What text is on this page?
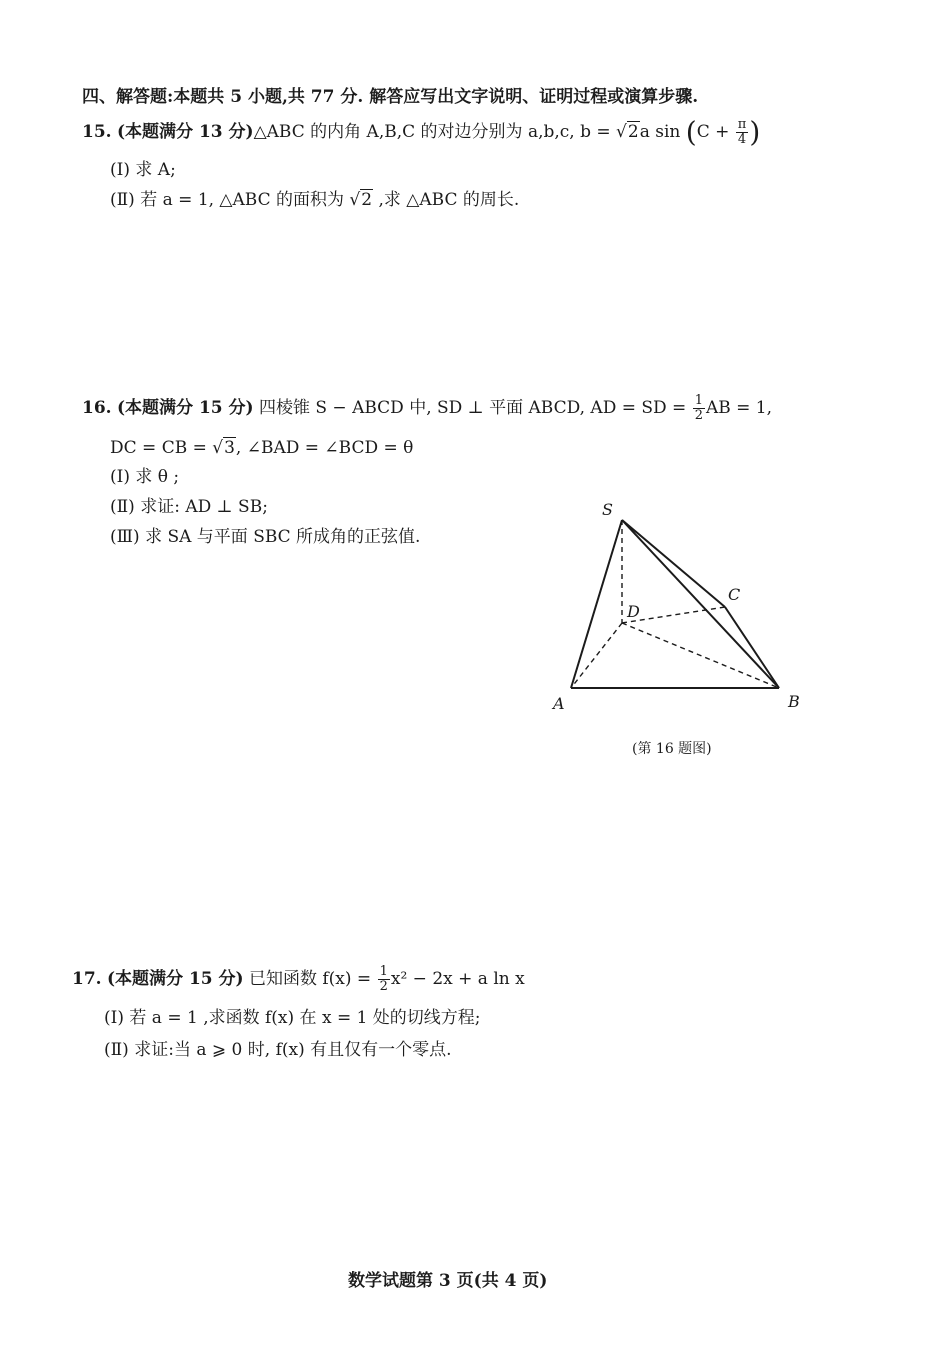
四、解答题:本题共 5 小题,共 77 分. 解答应写出文字说明、证明过程或演算步骤.
15. (本题满分 13 分)△ABC 的内角 A,B,C 的对边分别为 a,b,c, b = √2a $\sin (C + \frac{\pi}{4}$ )
(Ⅰ) 求 A;
(Ⅱ) 若 a = 1, △ABC 的面积为 √2 ,求 △ABC 的周长.
16. (本题满分 15 分) 四棱锥 S − ABCD 中, SD ⊥ 平面 ABCD, AD = SD = $\frac{1}{2}$ AB = 1,
DC = CB = √3, ∠BAD = ∠BCD = θ
(Ⅰ) 求 θ ;
(Ⅱ) 求证: AD ⊥ SB;
(Ⅲ) 求 SA 与平面 SBC 所成角的正弦值.
S
C
D
A	B
(第 16 题图)
17. (本题满分 15 分) 已知函数 $f(x) = \frac{1}{2} x^2 - 2x + a$ ln x
(Ⅰ) 若 a = 1 ,求函数 f(x) 在 x = 1 处的切线方程;
(Ⅱ) 求证:当 a ⩾ 0 时, f(x) 有且仅有一个零点.
数学试题第 3 页(共 4 页)
